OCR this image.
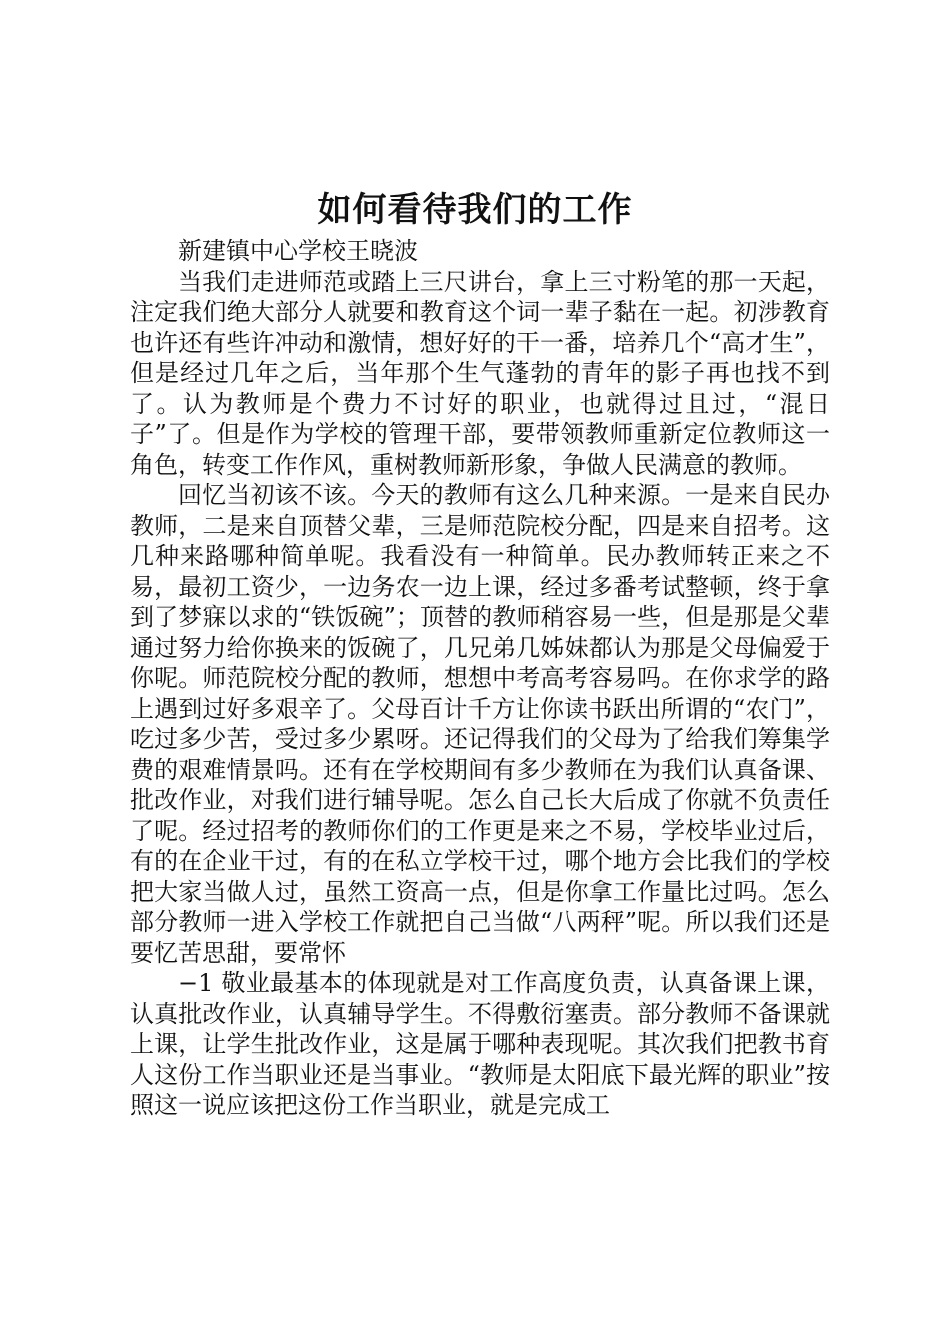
如何看待我们的工作

新建镇中心学校王晓波

当我们走进师范或踏上三尺讲台，拿上三寸粉笔的那一天起，注定我们绝大部分人就要和教育这个词一辈子黏在一起。初涉教育也许还有些许冲动和激情，想好好的干一番，培养几个“高才生”，但是经过几年之后，当年那个生气蓬勃的青年的影子再也找不到了。认为教师是个费力不讨好的职业，也就得过且过，“混日子”了。但是作为学校的管理干部，要带领教师重新定位教师这一角色，转变工作作风，重树教师新形象，争做人民满意的教师。

回忆当初该不该。今天的教师有这么几种来源。一是来自民办教师，二是来自顶替父辈，三是师范院校分配，四是来自招考。这几种来路哪种简单呢。我看没有一种简单。民办教师转正来之不易，最初工资少，一边务农一边上课，经过多番考试整顿，终于拿到了梦寐以求的“铁饭碗”；顶替的教师稍容易一些，但是那是父辈通过努力给你换来的饭碗了，几兄弟几姊妹都认为那是父母偏爱于你呢。师范院校分配的教师，想想中考高考容易吗。在你求学的路上遇到过好多艰辛了。父母百计千方让你读书跃出所谓的“农门”，吃过多少苦，受过多少累呀。还记得我们的父母为了给我们筹集学费的艰难情景吗。还有在学校期间有多少教师在为我们认真备课、批改作业，对我们进行辅导呢。怎么自己长大后成了你就不负责任了呢。经过招考的教师你们的工作更是来之不易，学校毕业过后，有的在企业干过，有的在私立学校干过，哪个地方会比我们的学校把大家当做人过，虽然工资高一点，但是你拿工作量比过吗。怎么部分教师一进入学校工作就把自己当做“八两秤”呢。所以我们还是要忆苦思甜，要常怀

−1 敬业最基本的体现就是对工作高度负责，认真备课上课，认真批改作业，认真辅导学生。不得敷衍塞责。部分教师不备课就上课，让学生批改作业，这是属于哪种表现呢。其次我们把教书育人这份工作当职业还是当事业。“教师是太阳底下最光辉的职业”按照这一说应该把这份工作当职业，就是完成工
